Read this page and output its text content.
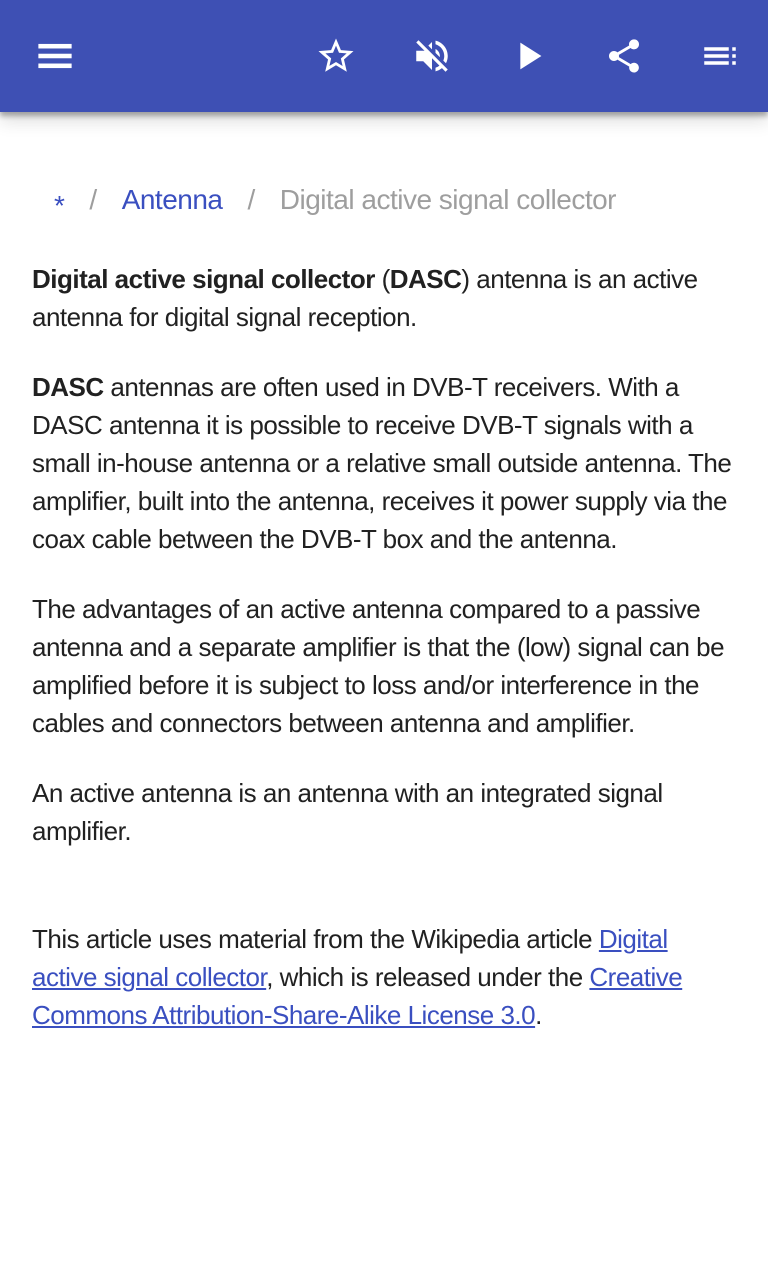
* / Antenna / Digital active signal collector

Digital active signal collector (DASC) antenna is an active antenna for digital signal reception.

DASC antennas are often used in DVB-T receivers. With a DASC antenna it is possible to receive DVB-T signals with a small in-house antenna or a relative small outside antenna. The amplifier, built into the antenna, receives it power supply via the coax cable between the DVB-T box and the antenna.

The advantages of an active antenna compared to a passive antenna and a separate amplifier is that the (low) signal can be amplified before it is subject to loss and/or interference in the cables and connectors between antenna and amplifier.

An active antenna is an antenna with an integrated signal amplifier.

This article uses material from the Wikipedia article Digital active signal collector, which is released under the Creative Commons Attribution-Share-Alike License 3.0.
